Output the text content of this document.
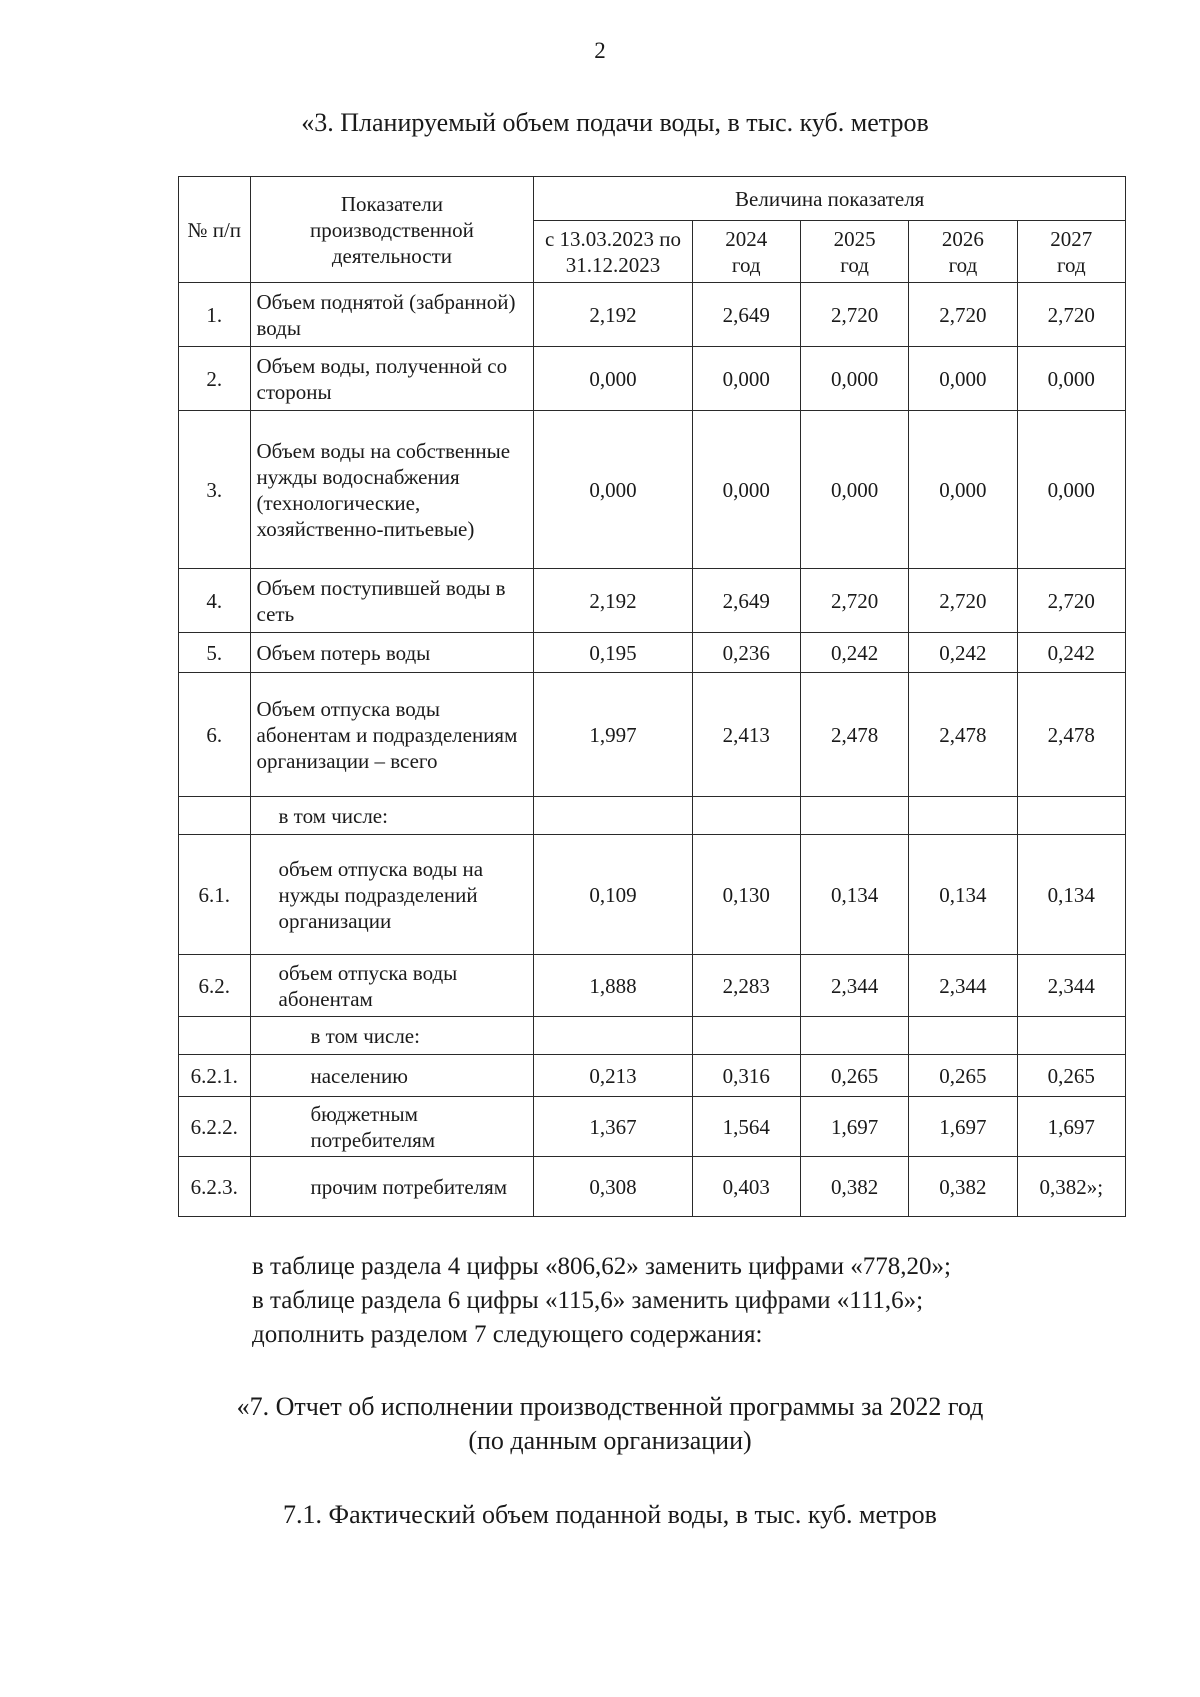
2
«3. Планируемый объем подачи воды, в тыс. куб. метров
№ п/п	Показатели производственной деятельности	Величина показателя				
		с 13.03.2023 по 31.12.2023	2024 год	2025 год	2026 год	2027 год
1.	Объем поднятой (забранной) воды	2,192	2,649	2,720	2,720	2,720
2.	Объем воды, полученной со стороны	0,000	0,000	0,000	0,000	0,000
3.	Объем воды на собственные нужды водоснабжения (технологические, хозяйственно-питьевые)	0,000	0,000	0,000	0,000	0,000
4.	Объем поступившей воды в сеть	2,192	2,649	2,720	2,720	2,720
5.	Объем потерь воды	0,195	0,236	0,242	0,242	0,242
6.	Объем отпуска воды абонентам и подразделениям организации – всего	1,997	2,413	2,478	2,478	2,478
	в том числе:					
6.1.	объем отпуска воды на нужды подразделений организации	0,109	0,130	0,134	0,134	0,134
6.2.	объем отпуска воды абонентам	1,888	2,283	2,344	2,344	2,344
	в том числе:					
6.2.1.	населению	0,213	0,316	0,265	0,265	0,265
6.2.2.	бюджетным потребителям	1,367	1,564	1,697	1,697	1,697
6.2.3.	прочим потребителям	0,308	0,403	0,382	0,382	0,382»;
в таблице раздела 4 цифры «806,62» заменить цифрами «778,20»;
в таблице раздела 6 цифры «115,6» заменить цифрами «111,6»;
дополнить разделом 7 следующего содержания:
«7. Отчет об исполнении производственной программы за 2022 год
(по данным организации)
7.1. Фактический объем поданной воды, в тыс. куб. метров
